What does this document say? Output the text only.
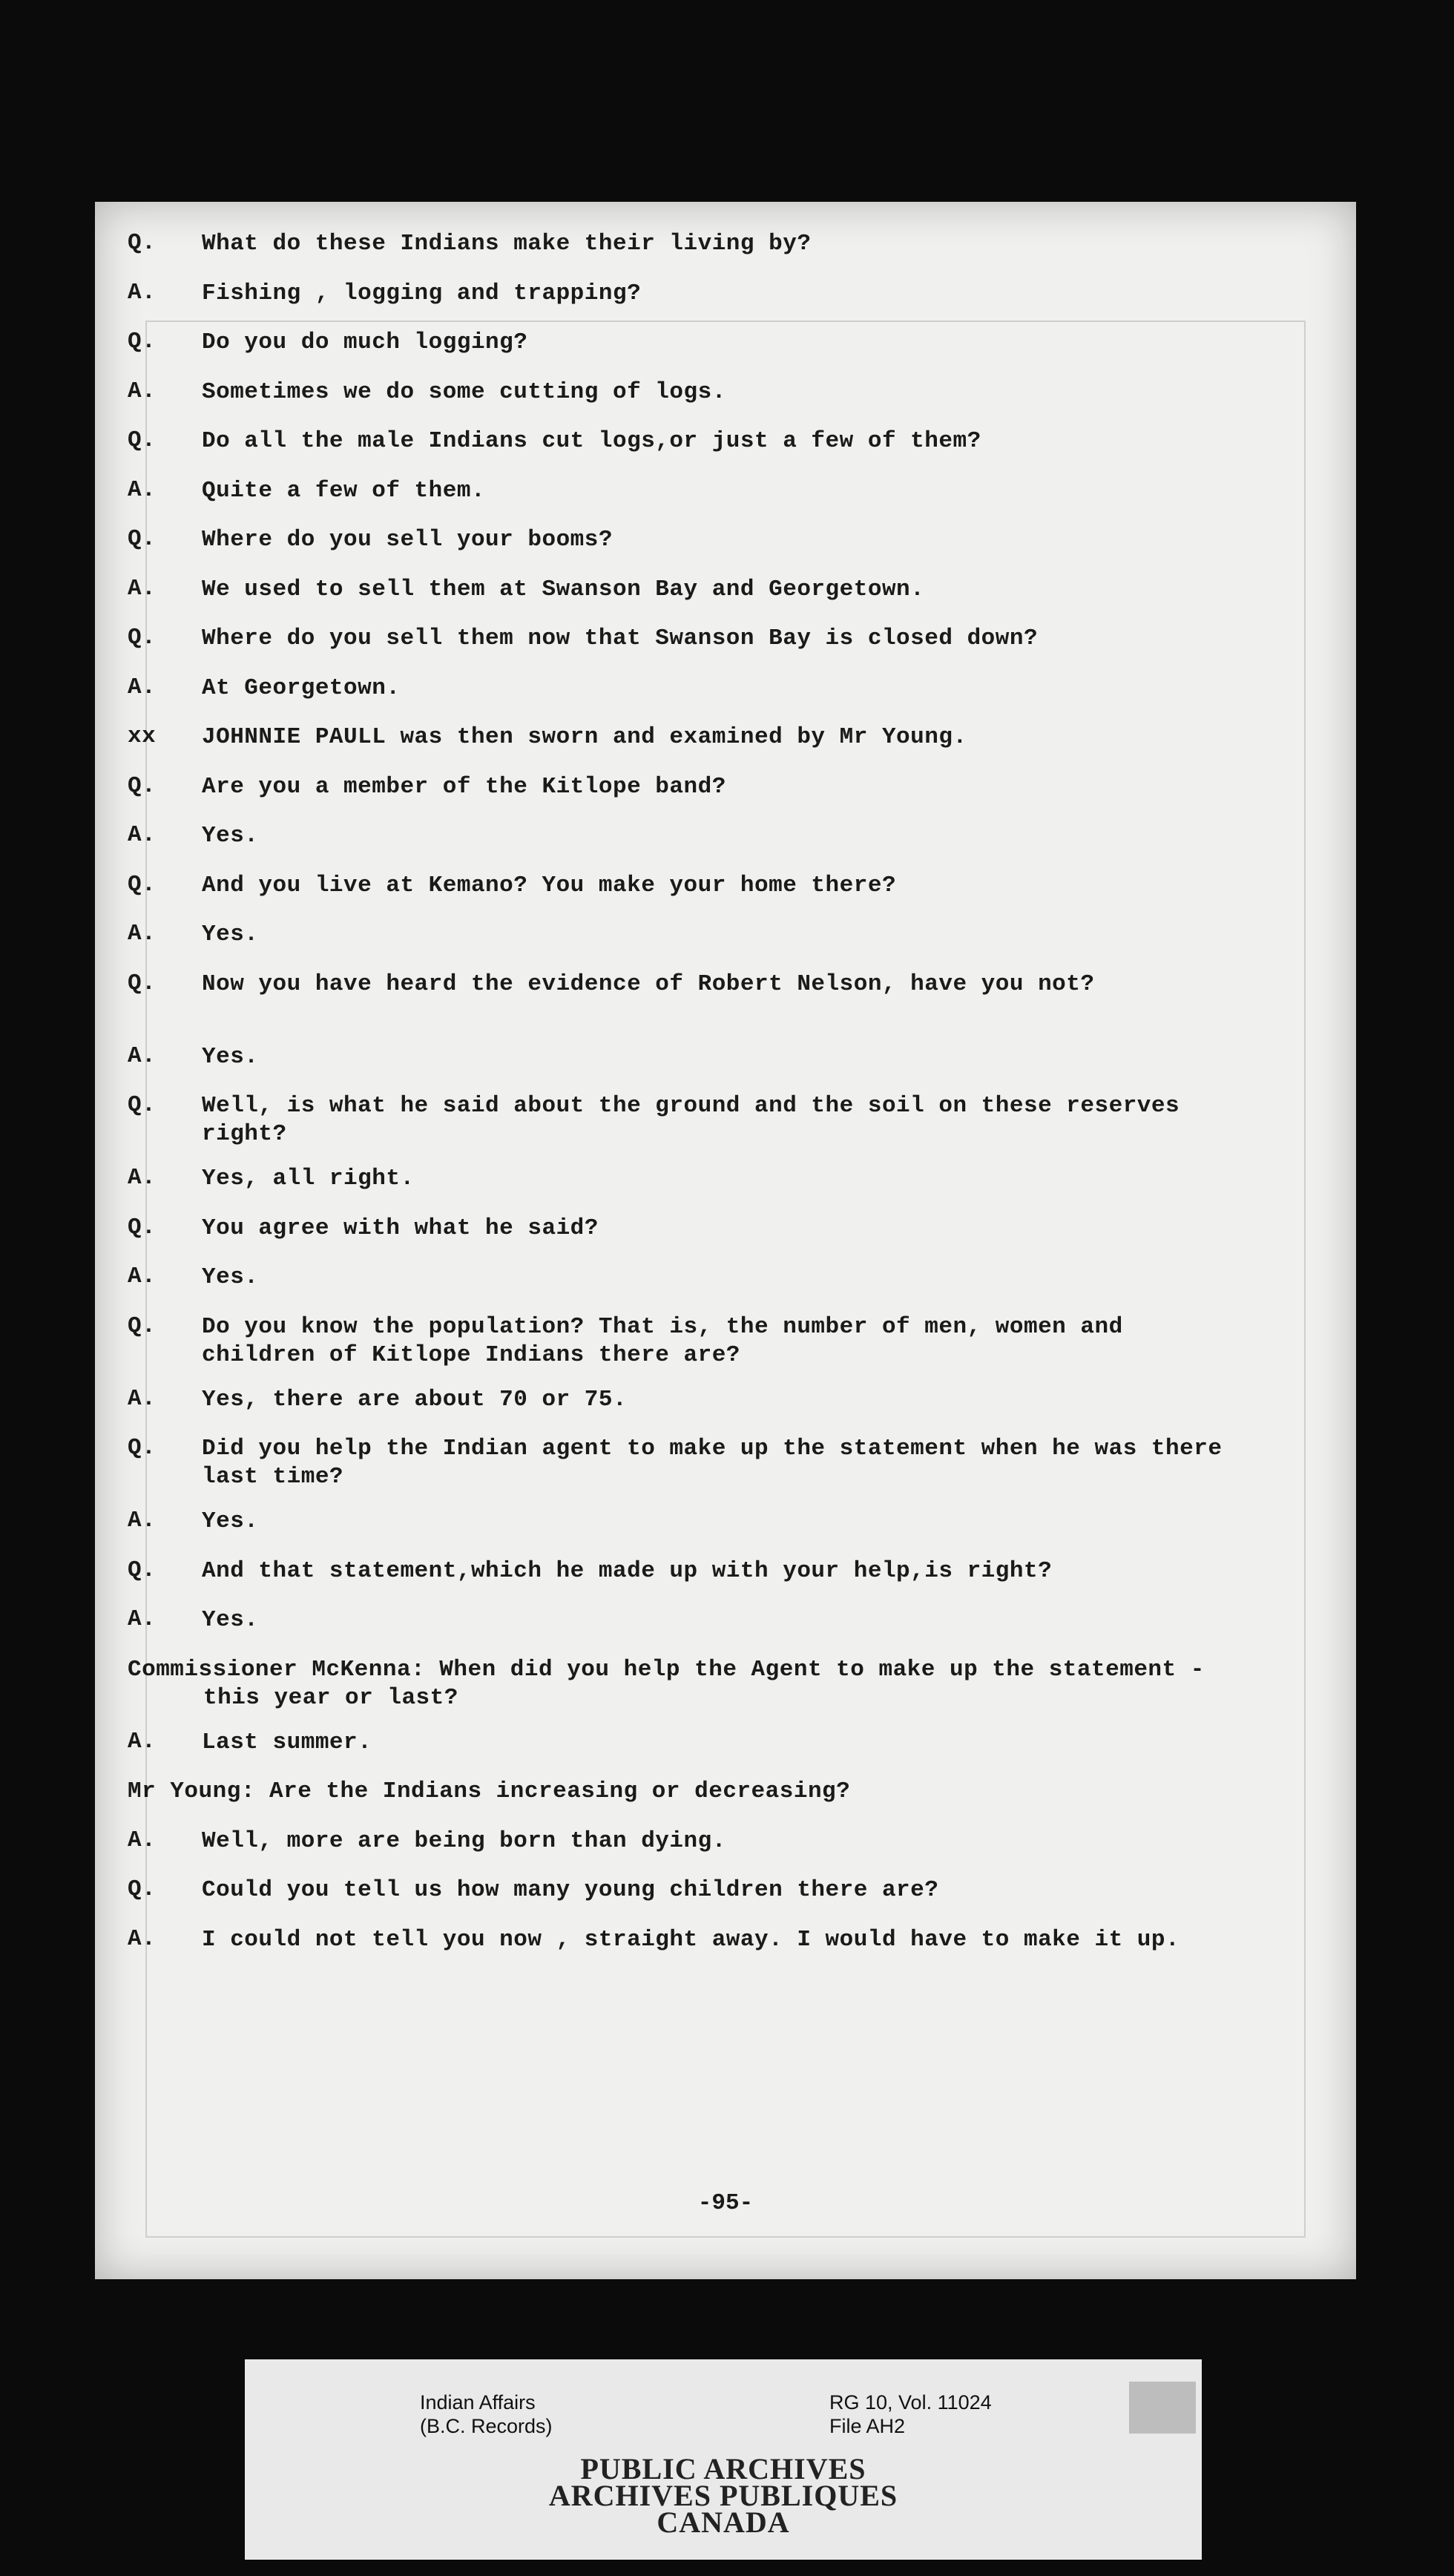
-95-
Q.	What do these Indians make their living by?
A.	Fishing , logging and trapping?
Q.	Do you do much logging?
A.	Sometimes we do some cutting of logs.
Q.	Do all the male Indians cut logs,or just a few of them?
A.	Quite a few of them.
Q.	Where do you sell your booms?
A.	We used to sell them at Swanson Bay and Georgetown.
Q.	Where do you sell them now that Swanson Bay is closed down?
A.	At Georgetown.
xx	JOHNNIE PAULL was then sworn and examined by Mr Young.
Q.	Are you a member of the Kitlope band?
A.	Yes.
Q.	And you live at Kemano? You make your home there?
A.	Yes.
Q.	Now you have heard the evidence of Robert Nelson, have you not?
A.	Yes.
Q.	Well, is what he said about the ground and the soil on these reserves right?
A.	Yes, all right.
Q.	You agree with what he said?
A.	Yes.
Q.	Do you know the population? That is, the number of men, women and children of Kitlope Indians there are?
A.	Yes, there are about 70 or 75.
Q.	Did you help the Indian agent to make up the statement when he was there last time?
A.	Yes.
Q.	And that statement,which he made up with your help,is right?
A.	Yes.
Commissioner McKenna: When did you help the Agent to make up the statement - this year or last?
A.	Last summer.
Mr Young: Are the Indians increasing or decreasing?
A.	Well, more are being born than dying.
Q.	Could you tell us how many young children there are?
A.	I could not tell you now , straight away. I would have to make it up.
Indian Affairs
(B.C. Records)
RG 10, Vol. 11024
File AH2
PUBLIC ARCHIVES
ARCHIVES PUBLIQUES
CANADA
